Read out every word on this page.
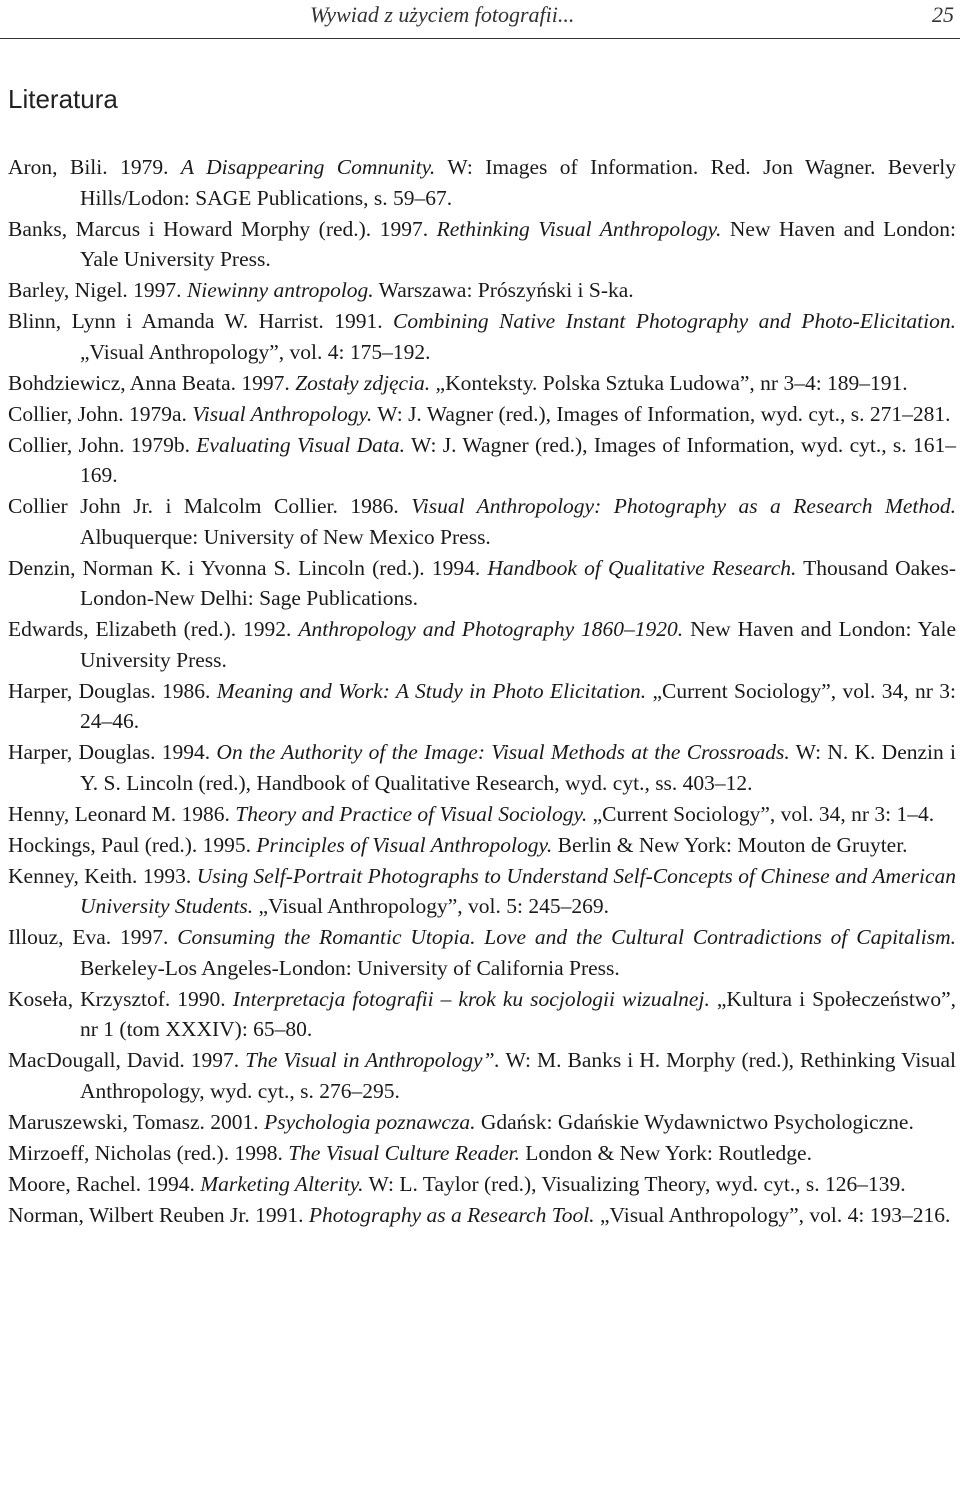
Wywiad z użyciem fotografii...	25
Literatura
Aron, Bili. 1979. A Disappearing Comnunity. W: Images of Information. Red. Jon Wagner. Beverly Hills/Lodon: SAGE Publications, s. 59–67.
Banks, Marcus i Howard Morphy (red.). 1997. Rethinking Visual Anthropology. New Haven and London: Yale University Press.
Barley, Nigel. 1997. Niewinny antropolog. Warszawa: Prószyński i S-ka.
Blinn, Lynn i Amanda W. Harrist. 1991. Combining Native Instant Photography and Photo-Elicitation. „Visual Anthropology”, vol. 4: 175–192.
Bohdziewicz, Anna Beata. 1997. Zostały zdjęcia. „Konteksty. Polska Sztuka Ludowa”, nr 3–4: 189–191.
Collier, John. 1979a. Visual Anthropology. W: J. Wagner (red.), Images of Information, wyd. cyt., s. 271–281.
Collier, John. 1979b. Evaluating Visual Data. W: J. Wagner (red.), Images of Information, wyd. cyt., s. 161–169.
Collier John Jr. i Malcolm Collier. 1986. Visual Anthropology: Photography as a Research Method. Albuquerque: University of New Mexico Press.
Denzin, Norman K. i Yvonna S. Lincoln (red.). 1994. Handbook of Qualitative Research. Thousand Oakes-London-New Delhi: Sage Publications.
Edwards, Elizabeth (red.). 1992. Anthropology and Photography 1860–1920. New Haven and London: Yale University Press.
Harper, Douglas. 1986. Meaning and Work: A Study in Photo Elicitation. „Current Sociology”, vol. 34, nr 3: 24–46.
Harper, Douglas. 1994. On the Authority of the Image: Visual Methods at the Crossroads. W: N. K. Denzin i Y. S. Lincoln (red.), Handbook of Qualitative Research, wyd. cyt., ss. 403–12.
Henny, Leonard M. 1986. Theory and Practice of Visual Sociology. „Current Sociology”, vol. 34, nr 3: 1–4.
Hockings, Paul (red.). 1995. Principles of Visual Anthropology. Berlin & New York: Mouton de Gruyter.
Kenney, Keith. 1993. Using Self-Portrait Photographs to Understand Self-Concepts of Chinese and American University Students. „Visual Anthropology”, vol. 5: 245–269.
Illouz, Eva. 1997. Consuming the Romantic Utopia. Love and the Cultural Contradictions of Capitalism. Berkeley-Los Angeles-London: University of California Press.
Koseła, Krzysztof. 1990. Interpretacja fotografii – krok ku socjologii wizualnej. „Kultura i Społeczeństwo”, nr 1 (tom XXXIV): 65–80.
MacDougall, David. 1997. The Visual in Anthropology”. W: M. Banks i H. Morphy (red.), Rethinking Visual Anthropology, wyd. cyt., s. 276–295.
Maruszewski, Tomasz. 2001. Psychologia poznawcza. Gdańsk: Gdańskie Wydawnictwo Psychologiczne.
Mirzoeff, Nicholas (red.). 1998. The Visual Culture Reader. London & New York: Routledge.
Moore, Rachel. 1994. Marketing Alterity. W: L. Taylor (red.), Visualizing Theory, wyd. cyt., s. 126–139.
Norman, Wilbert Reuben Jr. 1991. Photography as a Research Tool. „Visual Anthropology”, vol. 4: 193–216.
